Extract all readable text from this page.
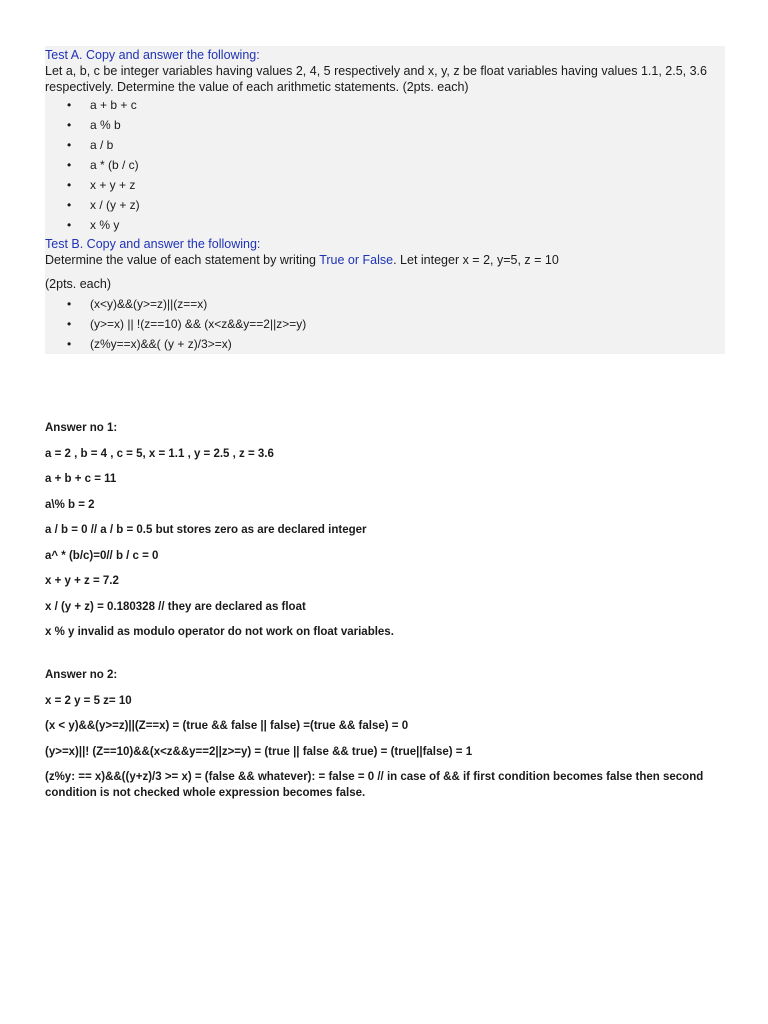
Test A. Copy and answer the following:
Let a, b, c be integer variables having values 2, 4, 5 respectively and x, y, z be float variables having values 1.1, 2.5, 3.6 respectively. Determine the value of each arithmetic statements. (2pts. each)
• a + b + c
• a % b
• a / b
• a * (b / c)
• x + y + z
• x / (y + z)
• x % y
Test B. Copy and answer the following:
Determine the value of each statement by writing True or False. Let integer x = 2, y=5, z = 10
(2pts. each)
• (x<y)&&(y>=z)||(z==x)
• (y>=x) || !(z==10) && (x<z&&y==2||z>=y)
• (z%y==x)&&( (y + z)/3>=x)

Answer no 1:

a = 2 , b = 4 , c = 5, x = 1.1 , y = 2.5 , z = 3.6

a + b + c = 11

a\% b = 2

a / b = 0 // a / b = 0.5 but stores zero as are declared integer

a^ * (b/c)=0// b / c = 0

x + y + z = 7.2

x / (y + z) = 0.180328 // they are declared as float

x % y invalid as modulo operator do not work on float variables.

Answer no 2:

x = 2 y = 5 z= 10

(x < y)&&(y>=z)||(Z==x) = (true && false || false) =(true && false) = 0

(y>=x)||! (Z==10)&&(x<z&&y==2||z>=y) = (true || false && true) = (true||false) = 1

(z%y: == x)&&((y+z)/3 >= x) = (false && whatever): = false = 0 // in case of && if first condition becomes false then second condition is not checked whole expression becomes false.
